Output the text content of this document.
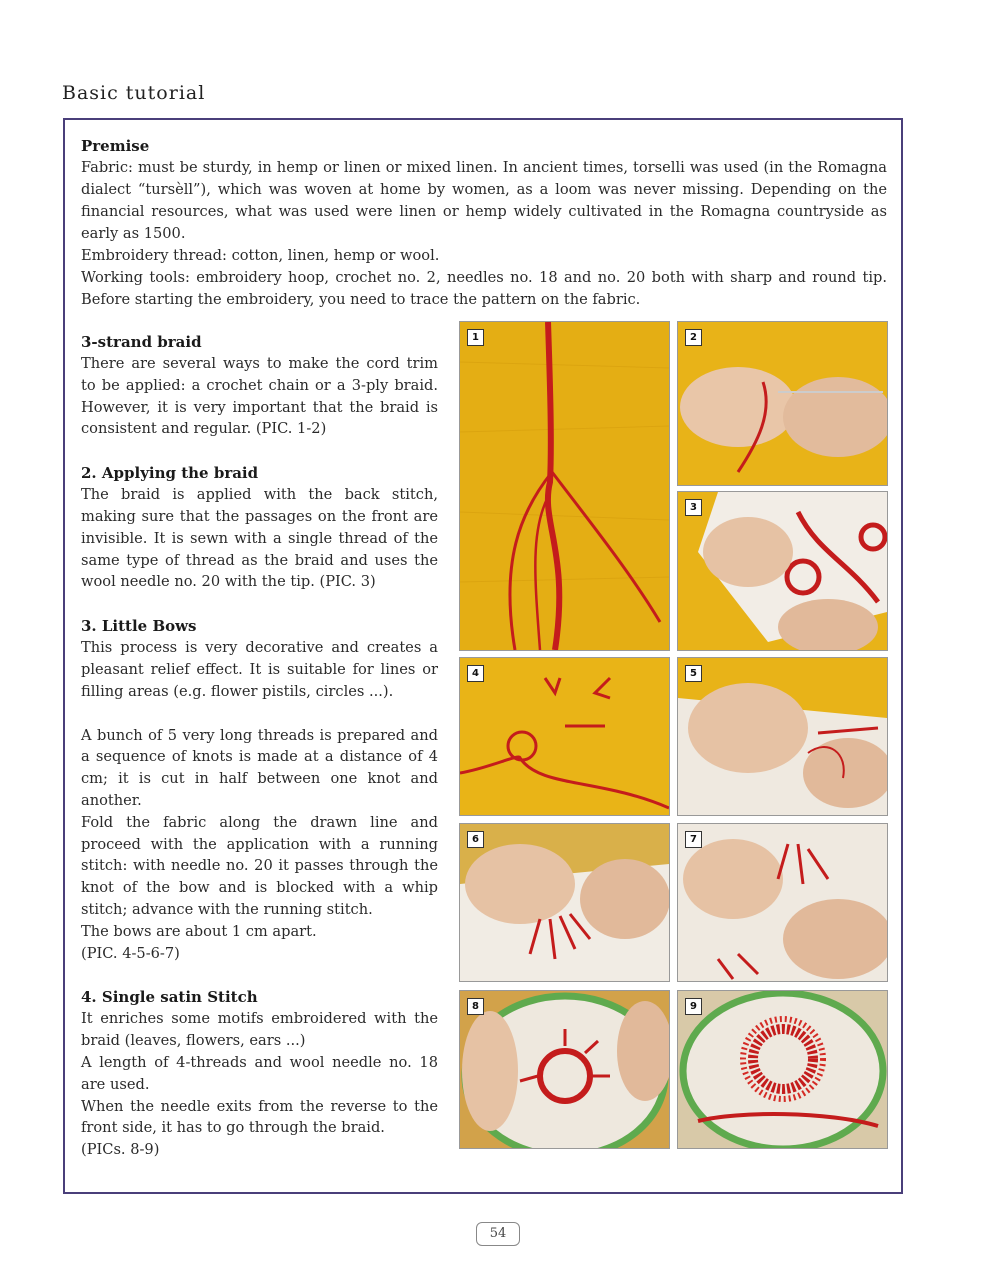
Basic tutorial
Premise

Fabric: must be sturdy, in hemp or linen or mixed linen. In ancient times, torselli was used (in the Romagna dialect “tursèll”), which was woven at home by women, as a loom was never missing. Depending on the financial resources, what was used were linen or hemp widely cultivated in the Romagna countryside as early as 1500.

Embroidery thread: cotton, linen, hemp or wool.

Working tools: embroidery hoop, crochet no. 2, needles no. 18 and no. 20 both with sharp and round tip. Before starting the embroidery, you need to trace the pattern on the fabric.

3-strand braid

There are several ways to make the cord trim to be applied: a crochet chain or a 3-ply braid. However, it is very important that the braid is consistent and regular. (PIC. 1-2)

2. Applying the braid

The braid is applied with the back stitch, making sure that the passages on the front are invisible. It is sewn with a single thread of the same type of thread as the braid and uses the wool needle no. 20 with the tip. (PIC. 3)

3. Little Bows

This process is very decorative and creates a pleasant relief effect. It is suitable for lines or filling areas (e.g. flower pistils, circles ...).

A bunch of 5 very long threads is prepared and a sequence of knots is made at a distance of 4 cm; it is cut in half between one knot and another.

Fold the fabric along the drawn line and proceed with the application with a running stitch: with needle no. 20 it passes through the knot of the bow and is blocked with a whip stitch; advance with the running stitch.

The bows are about 1 cm apart.

(PIC. 4-5-6-7)

4. Single satin Stitch

It enriches some motifs embroidered with the braid (leaves, flowers, ears ...)

A length of 4-threads and wool needle no. 18 are used.

When the needle exits from the reverse to the front side, it has to go through the braid.

(PICs. 8-9)

1	2
3
4	5
6	7
8	9
54
